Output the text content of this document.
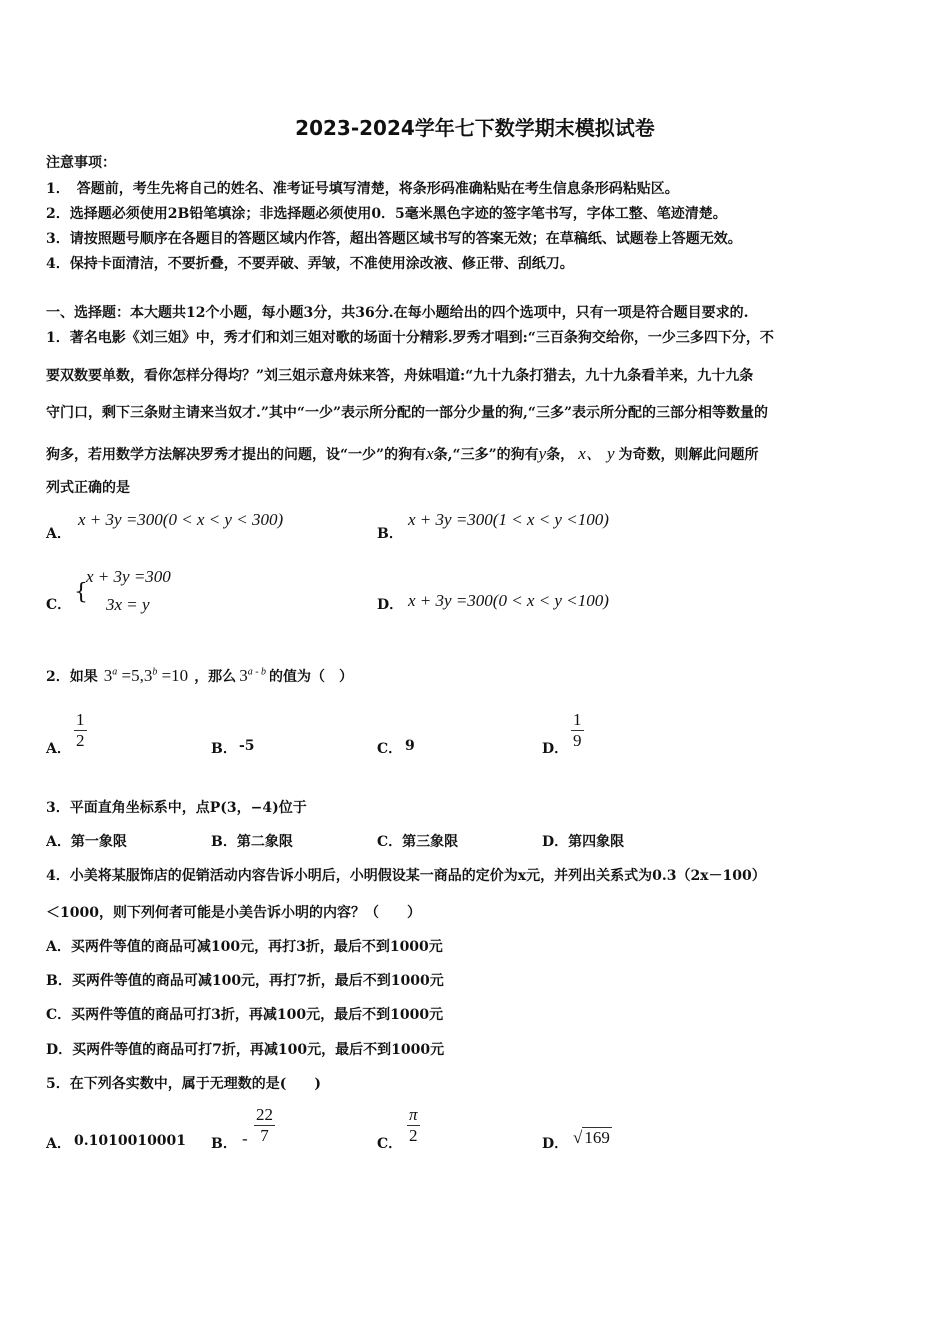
2023-2024学年七下数学期末模拟试卷
注意事项：
1．　答题前，考生先将自己的姓名、准考证号填写清楚，将条形码准确粘贴在考生信息条形码粘贴区。
2．选择题必须使用2B铅笔填涂；非选择题必须使用0．5毫米黑色字迹的签字笔书写，字体工整、笔迹清楚。
3．请按照题号顺序在各题目的答题区域内作答，超出答题区域书写的答案无效；在草稿纸、试题卷上答题无效。
4．保持卡面清洁，不要折叠，不要弄破、弄皱，不准使用涂改液、修正带、刮纸刀。
一、选择题：本大题共12个小题，每小题3分，共36分.在每小题给出的四个选项中，只有一项是符合题目要求的.
1．著名电影《刘三姐》中，秀才们和刘三姐对歌的场面十分精彩.罗秀才唱到:“三百条狗交给你，一少三多四下分，不
要双数要单数，看你怎样分得均？”刘三姐示意舟妹来答，舟妹唱道:“九十九条打猎去，九十九条看羊来，九十九条
守门口，剩下三条财主请来当奴才.”其中“一少”表示所分配的一部分少量的狗,“三多”表示所分配的三部分相等数量的
狗多，若用数学方法解决罗秀才提出的问题，设“一少”的狗有x条,“三多”的狗有y条， x、 y 为奇数，则解此问题所
列式正确的是
A．
x + 3y =300(0 < x < y < 300)
B．
x + 3y =300(1 < x < y <100)
C． {
x + 3y =300
3x = y	D． x + 3y =300(0 < x < y <100)
2．如果 $3^a =5,3^b =10$ ，那么 3$^{a - b}$ 的值为（　）
A． $\frac{1}{2}$	B． -5	C． 9	D． $\frac{1}{9}$
3．平面直角坐标系中，点P(3，−4)位于
A．第一象限	B．第二象限	C．第三象限	D．第四象限
4．小美将某服饰店的促销活动内容告诉小明后，小明假设某一商品的定价为x元，并列出关系式为0.3（2x－100）
＜1000，则下列何者可能是小美告诉小明的内容？（　　）
A．买两件等值的商品可减100元，再打3折，最后不到1000元
B．买两件等值的商品可减100元，再打7折，最后不到1000元
C．买两件等值的商品可打3折，再减100元，最后不到1000元
D．买两件等值的商品可打7折，再减100元，最后不到1000元
5．在下列各实数中，属于无理数的是(　　)
A． 0.1010010001 B． - $\frac{22}{7}$	C． $\frac{\pi}{2}$	D． √ 169
